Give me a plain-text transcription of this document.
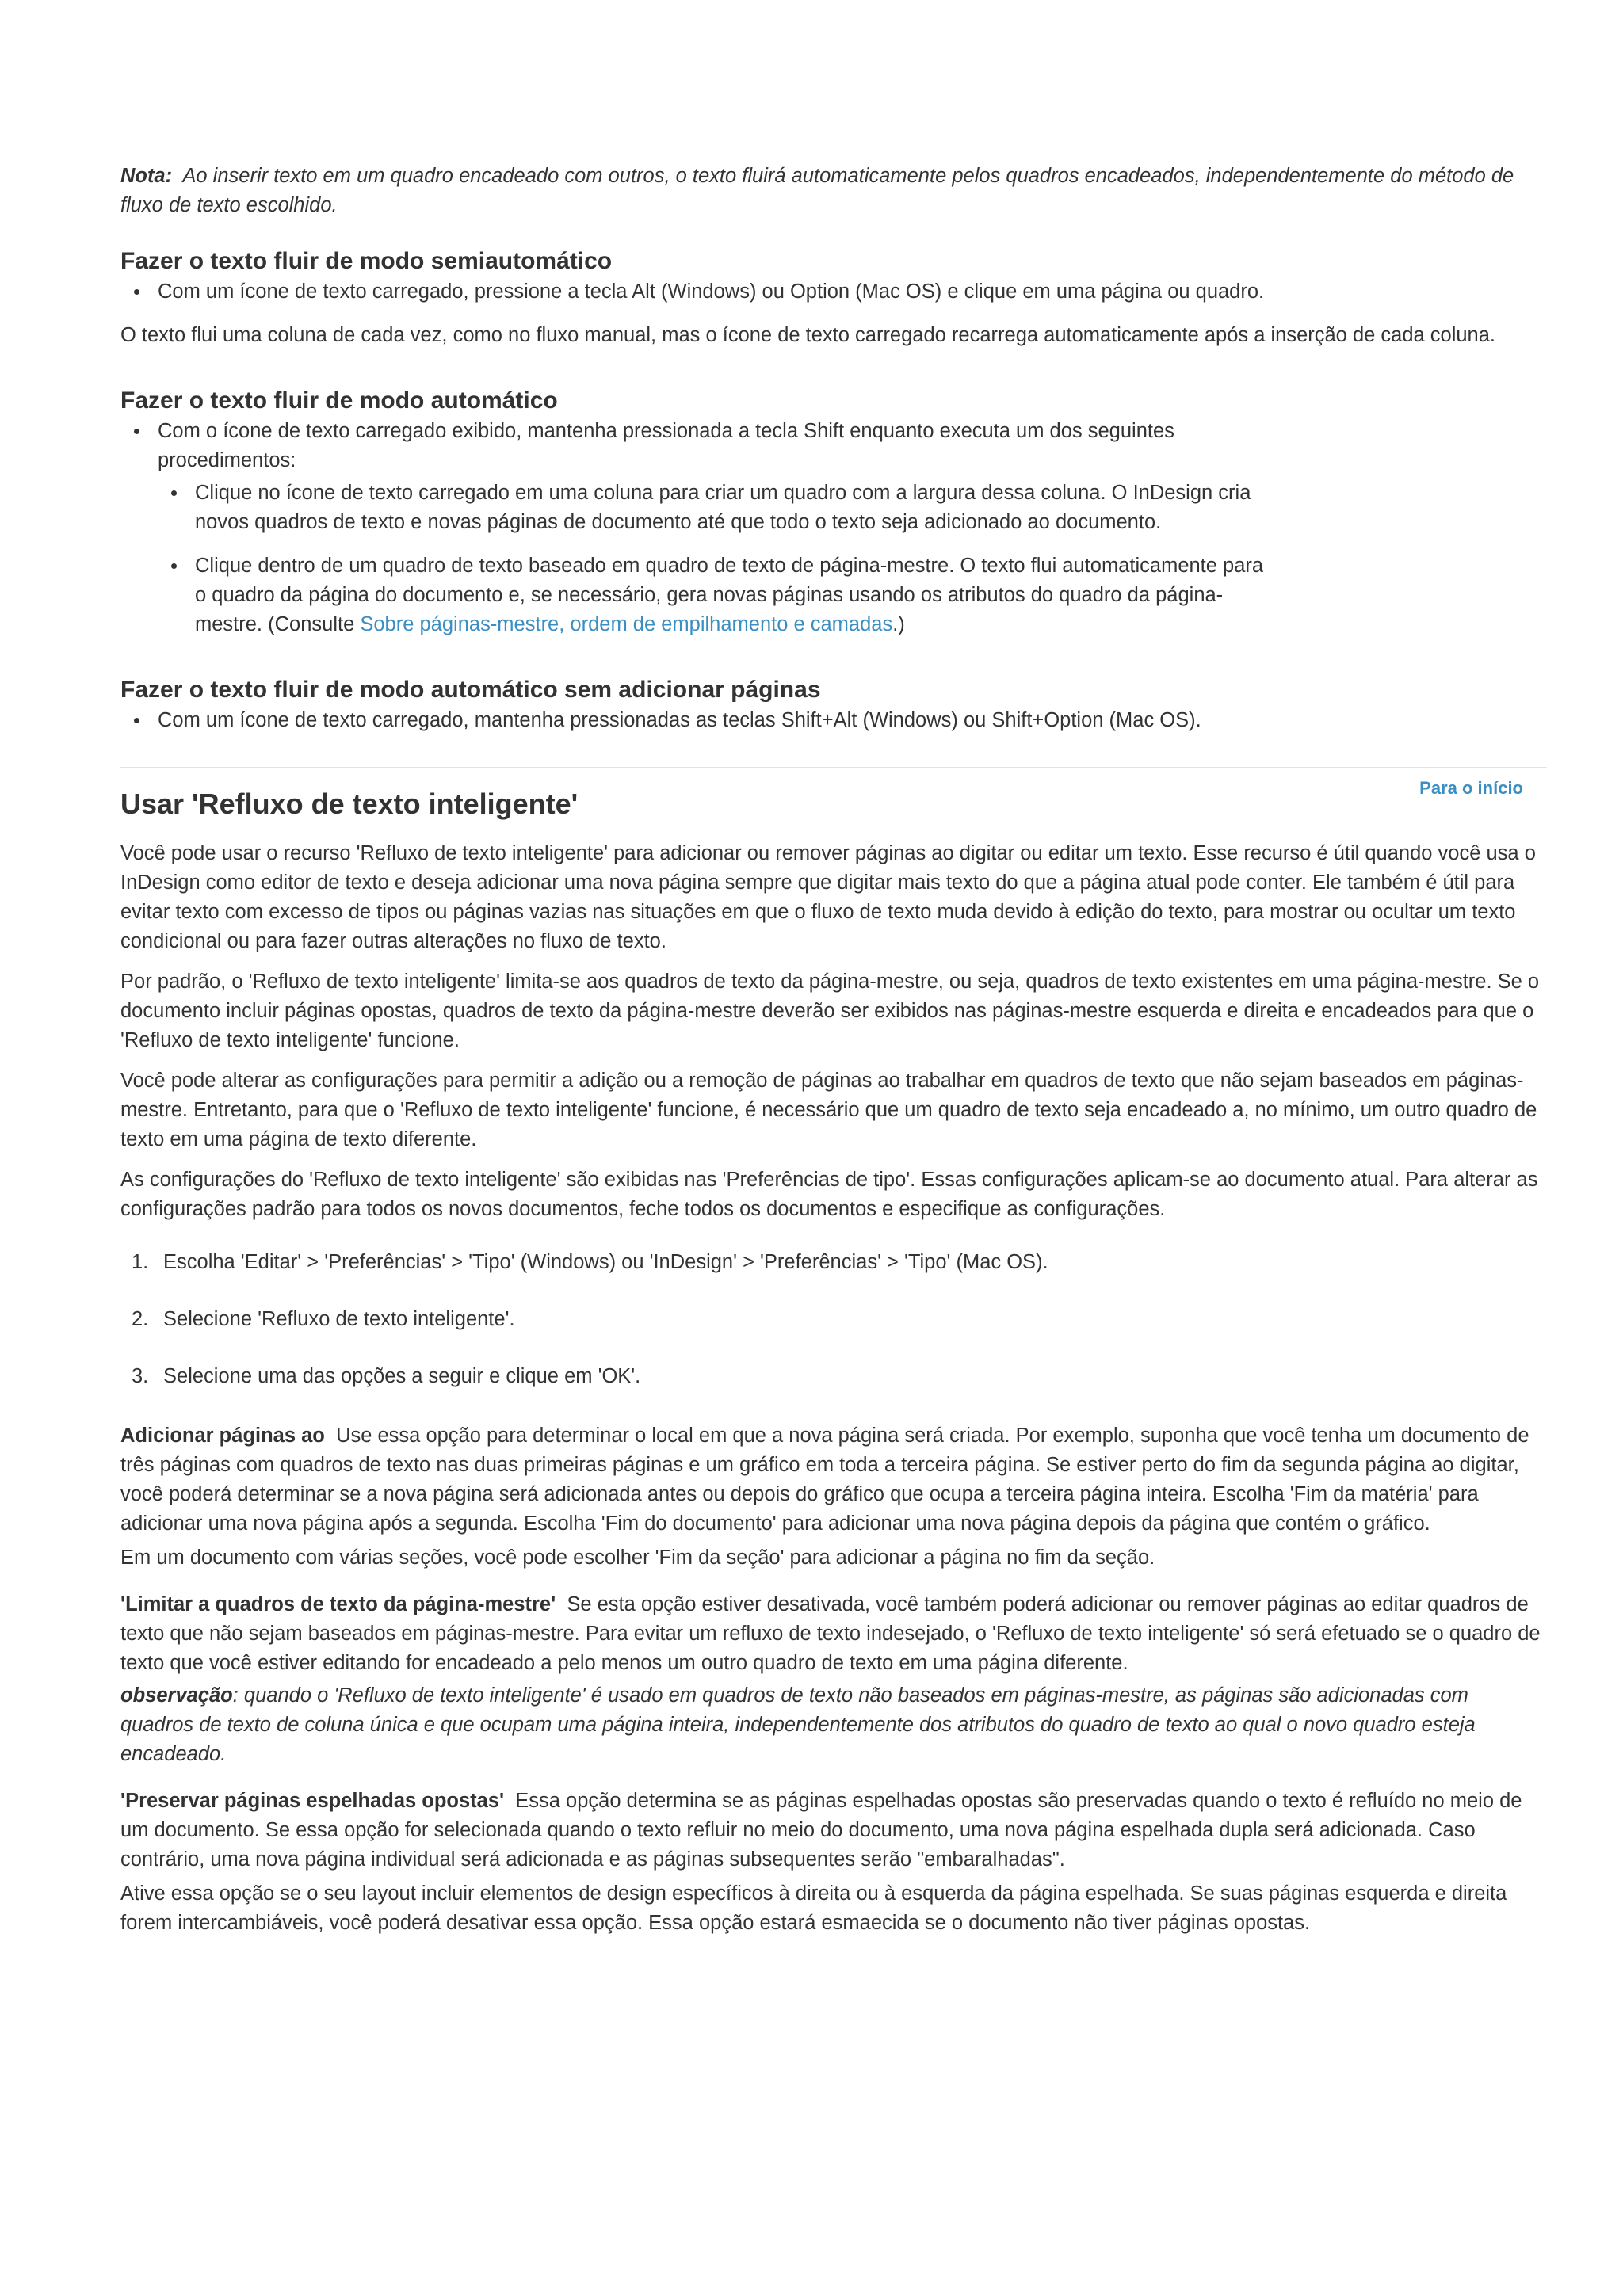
Nota: Ao inserir texto em um quadro encadeado com outros, o texto fluirá automaticamente pelos quadros encadeados, independentemente do método de fluxo de texto escolhido.

Fazer o texto fluir de modo semiautomático
Com um ícone de texto carregado, pressione a tecla Alt (Windows) ou Option (Mac OS) e clique em uma página ou quadro.

O texto flui uma coluna de cada vez, como no fluxo manual, mas o ícone de texto carregado recarrega automaticamente após a inserção de cada coluna.

Fazer o texto fluir de modo automático
Com o ícone de texto carregado exibido, mantenha pressionada a tecla Shift enquanto executa um dos seguintes procedimentos:
Clique no ícone de texto carregado em uma coluna para criar um quadro com a largura dessa coluna. O InDesign cria novos quadros de texto e novas páginas de documento até que todo o texto seja adicionado ao documento.
Clique dentro de um quadro de texto baseado em quadro de texto de página-mestre. O texto flui automaticamente para o quadro da página do documento e, se necessário, gera novas páginas usando os atributos do quadro da página-mestre. (Consulte Sobre páginas-mestre, ordem de empilhamento e camadas.)
Fazer o texto fluir de modo automático sem adicionar páginas
Com um ícone de texto carregado, mantenha pressionadas as teclas Shift+Alt (Windows) ou Shift+Option (Mac OS).
Para o início
Usar 'Refluxo de texto inteligente'

Você pode usar o recurso 'Refluxo de texto inteligente' para adicionar ou remover páginas ao digitar ou editar um texto. Esse recurso é útil quando você usa o InDesign como editor de texto e deseja adicionar uma nova página sempre que digitar mais texto do que a página atual pode conter. Ele também é útil para evitar texto com excesso de tipos ou páginas vazias nas situações em que o fluxo de texto muda devido à edição do texto, para mostrar ou ocultar um texto condicional ou para fazer outras alterações no fluxo de texto.

Por padrão, o 'Refluxo de texto inteligente' limita-se aos quadros de texto da página-mestre, ou seja, quadros de texto existentes em uma página-mestre. Se o documento incluir páginas opostas, quadros de texto da página-mestre deverão ser exibidos nas páginas-mestre esquerda e direita e encadeados para que o 'Refluxo de texto inteligente' funcione.

Você pode alterar as configurações para permitir a adição ou a remoção de páginas ao trabalhar em quadros de texto que não sejam baseados em páginas-mestre. Entretanto, para que o 'Refluxo de texto inteligente' funcione, é necessário que um quadro de texto seja encadeado a, no mínimo, um outro quadro de texto em uma página de texto diferente.

As configurações do 'Refluxo de texto inteligente' são exibidas nas 'Preferências de tipo'. Essas configurações aplicam-se ao documento atual. Para alterar as configurações padrão para todos os novos documentos, feche todos os documentos e especifique as configurações.

1. Escolha 'Editar' > 'Preferências' > 'Tipo' (Windows) ou 'InDesign' > 'Preferências' > 'Tipo' (Mac OS).
2. Selecione 'Refluxo de texto inteligente'.
3. Selecione uma das opções a seguir e clique em 'OK'.

Adicionar páginas ao Use essa opção para determinar o local em que a nova página será criada. Por exemplo, suponha que você tenha um documento de três páginas com quadros de texto nas duas primeiras páginas e um gráfico em toda a terceira página. Se estiver perto do fim da segunda página ao digitar, você poderá determinar se a nova página será adicionada antes ou depois do gráfico que ocupa a terceira página inteira. Escolha 'Fim da matéria' para adicionar uma nova página após a segunda. Escolha 'Fim do documento' para adicionar uma nova página depois da página que contém o gráfico.

Em um documento com várias seções, você pode escolher 'Fim da seção' para adicionar a página no fim da seção.

'Limitar a quadros de texto da página-mestre' Se esta opção estiver desativada, você também poderá adicionar ou remover páginas ao editar quadros de texto que não sejam baseados em páginas-mestre. Para evitar um refluxo de texto indesejado, o 'Refluxo de texto inteligente' só será efetuado se o quadro de texto que você estiver editando for encadeado a pelo menos um outro quadro de texto em uma página diferente.

observação: quando o 'Refluxo de texto inteligente' é usado em quadros de texto não baseados em páginas-mestre, as páginas são adicionadas com quadros de texto de coluna única e que ocupam uma página inteira, independentemente dos atributos do quadro de texto ao qual o novo quadro esteja encadeado.

'Preservar páginas espelhadas opostas' Essa opção determina se as páginas espelhadas opostas são preservadas quando o texto é refluído no meio de um documento. Se essa opção for selecionada quando o texto refluir no meio do documento, uma nova página espelhada dupla será adicionada. Caso contrário, uma nova página individual será adicionada e as páginas subsequentes serão "embaralhadas".

Ative essa opção se o seu layout incluir elementos de design específicos à direita ou à esquerda da página espelhada. Se suas páginas esquerda e direita forem intercambiáveis, você poderá desativar essa opção. Essa opção estará esmaecida se o documento não tiver páginas opostas.
